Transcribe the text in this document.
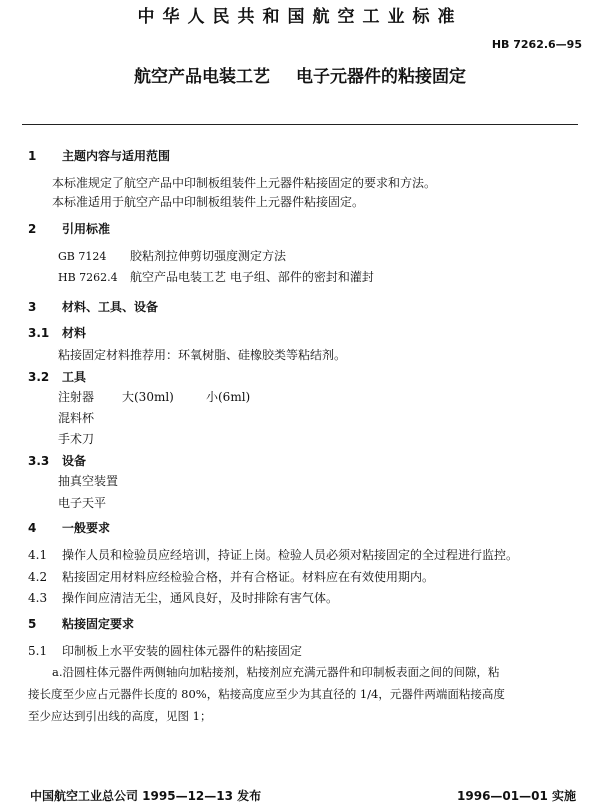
中华人民共和国航空工业标准
HB 7262.6—95
航空产品电装工艺 电子元器件的粘接固定
1 主题内容与适用范围
本标准规定了航空产品中印制板组装件上元器件粘接固定的要求和方法。
本标准适用于航空产品中印制板组装件上元器件粘接固定。
2 引用标准
GB 7124 胶粘剂拉伸剪切强度测定方法
HB 7262.4 航空产品电装工艺 电子组、部件的密封和灌封
3 材料、工具、设备
3.1 材料
粘接固定材料推荐用：环氧树脂、硅橡胶类等粘结剂。
3.2 工具
注射器 大(30ml)	小(6ml)
混料杯
手术刀
3.3 设备
抽真空装置
电子天平
4 一般要求
4.1 操作人员和检验员应经培训，持证上岗。检验人员必须对粘接固定的全过程进行监控。
4.2 粘接固定用材料应经检验合格，并有合格证。材料应在有效使用期内。
4.3 操作间应清洁无尘，通风良好，及时排除有害气体。
5 粘接固定要求
5.1 印制板上水平安装的圆柱体元器件的粘接固定
a.沿圆柱体元器件两侧轴向加粘接剂，粘接剂应充满元器件和印制板表面之间的间隙，粘
接长度至少应占元器件长度的 80%，粘接高度应至少为其直径的 1/4，元器件两端面粘接高度
至少应达到引出线的高度，见图 1；
中国航空工业总公司 1995—12—13 发布	1996—01—01 实施
